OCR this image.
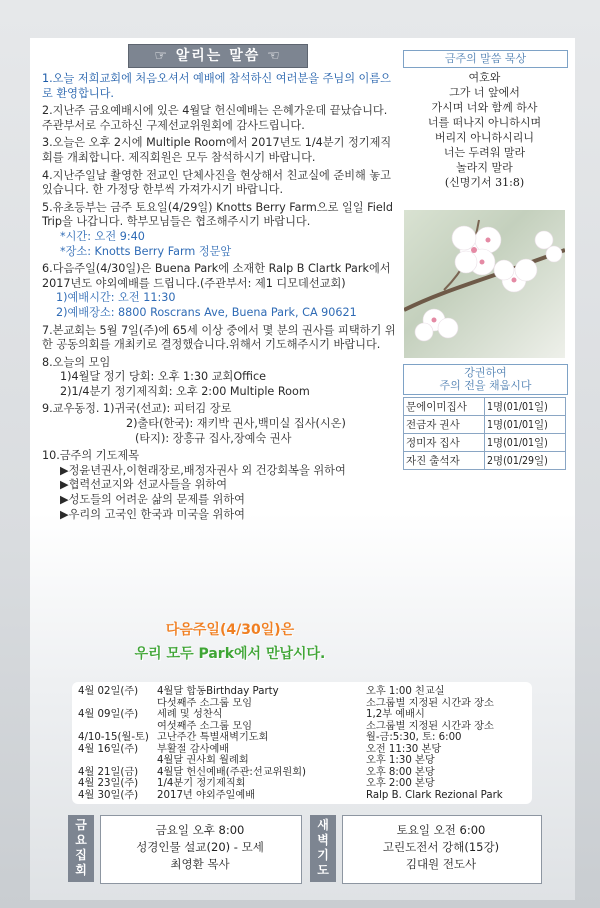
☞ 알리는 말씀 ☜

1.오늘 저희교회에 처음오셔서 예배에 참석하신 여러분을 주님의 이름으로 환영합니다.

2.지난주 금요예배시에 있은 4월달 헌신예배는 은혜가운데 끝났습니다. 주관부서로 수고하신 구제선교위원회에 감사드립니다.

3.오늘은 오후 2시에 Multiple Room에서 2017년도 1/4분기 정기제직회를 개최합니다. 제직회원은 모두 참석하시기 바랍니다.

4.지난주일날 촬영한 전교인 단체사진을 현상해서 친교실에 준비해 놓고 있습니다. 한 가정당 한부씩 가져가시기 바랍니다.

5.유초등부는 금주 토요일(4/29일) Knotts Berry Farm으로 일일 Field Trip을 나갑니다. 학부모님들은 협조해주시기 바랍니다.

*시간: 오전 9:40

*장소: Knotts Berry Farm 정문앞

6.다음주일(4/30일)은 Buena Park에 소재한 Ralp B Clartk Park에서 2017년도 야외예배를 드립니다.(주관부서: 제1 디모데선교회)

1)예배시간: 오전 11:30

2)예배장소: 8800 Roscrans Ave, Buena Park, CA 90621

7.본교회는 5월 7일(주)에 65세 이상 중에서 몇 분의 권사를 피택하기 위한 공동의회를 개최키로 결정했습니다.위해서 기도해주시기 바랍니다.

8.오늘의 모임

1)4월달 정기 당회: 오후 1:30 교회Office

2)1/4분기 정기제직회: 오후 2:00 Multiple Room

9.교우동정. 1)귀국(선교): 피터김 장로

2)출타(한국): 재키박 권사,백미실 집사(시온)

(타지): 장흥규 집사,장예숙 권사

10.금주의 기도제목

▶정윤년권사,이현래장로,배정자권사 외 건강회복을 위하여

▶협력선교지와 선교사들을 위하여

▶성도들의 어려운 삶의 문제를 위하여

▶우리의 고국인 한국과 미국을 위하여

금주의 말씀 묵상
여호와
그가 너 앞에서
가시며 너와 함께 하사
너를 떠나지 아니하시며
버리지 아니하시리니
너는 두려워 말라
놀라지 말라
(신명기서 31:8)
강권하여
주의 전을 채웁시다
문에이미집사	1명(01/01일)
전금자 권사	1명(01/01일)
정미자 집사	1명(01/01일)
자진 출석자	2명(01/29일)
다음주일(4/30일)은
우리 모두 Park에서 만납시다.
4월 02일(주) 4월달 합동Birthday Party	오후 1:00 친교실
다섯째주 소그룹 모임	소그룹별 지정된 시간과 장소
4월 09일(주) 세례 및 성찬식	1,2부 예배시
여섯째주 소그룹 모임	소그룹별 지정된 시간과 장소
4/10-15(월-토) 고난주간 특별새벽기도회	월-금:5:30, 토: 6:00
4월 16일(주) 부활절 감사예배	오전 11:30 본당
4월달 권사회 월례회	오후 1:30 본당
4월 21일(금) 4월달 헌신예배(주관:선교위원회)	오후 8:00 본당
4월 23일(주) 1/4분기 정기제직회	오후 2:00 본당
4월 30일(주) 2017년 야외주일예배	Ralp B. Clark Rezional Park
금
요
집
회
금요일 오후 8:00
성경인물 설교(20) - 모세
최영환 목사
새
벽
기
도
토요일 오전 6:00
고린도전서 강해(15강)
김대원 전도사
